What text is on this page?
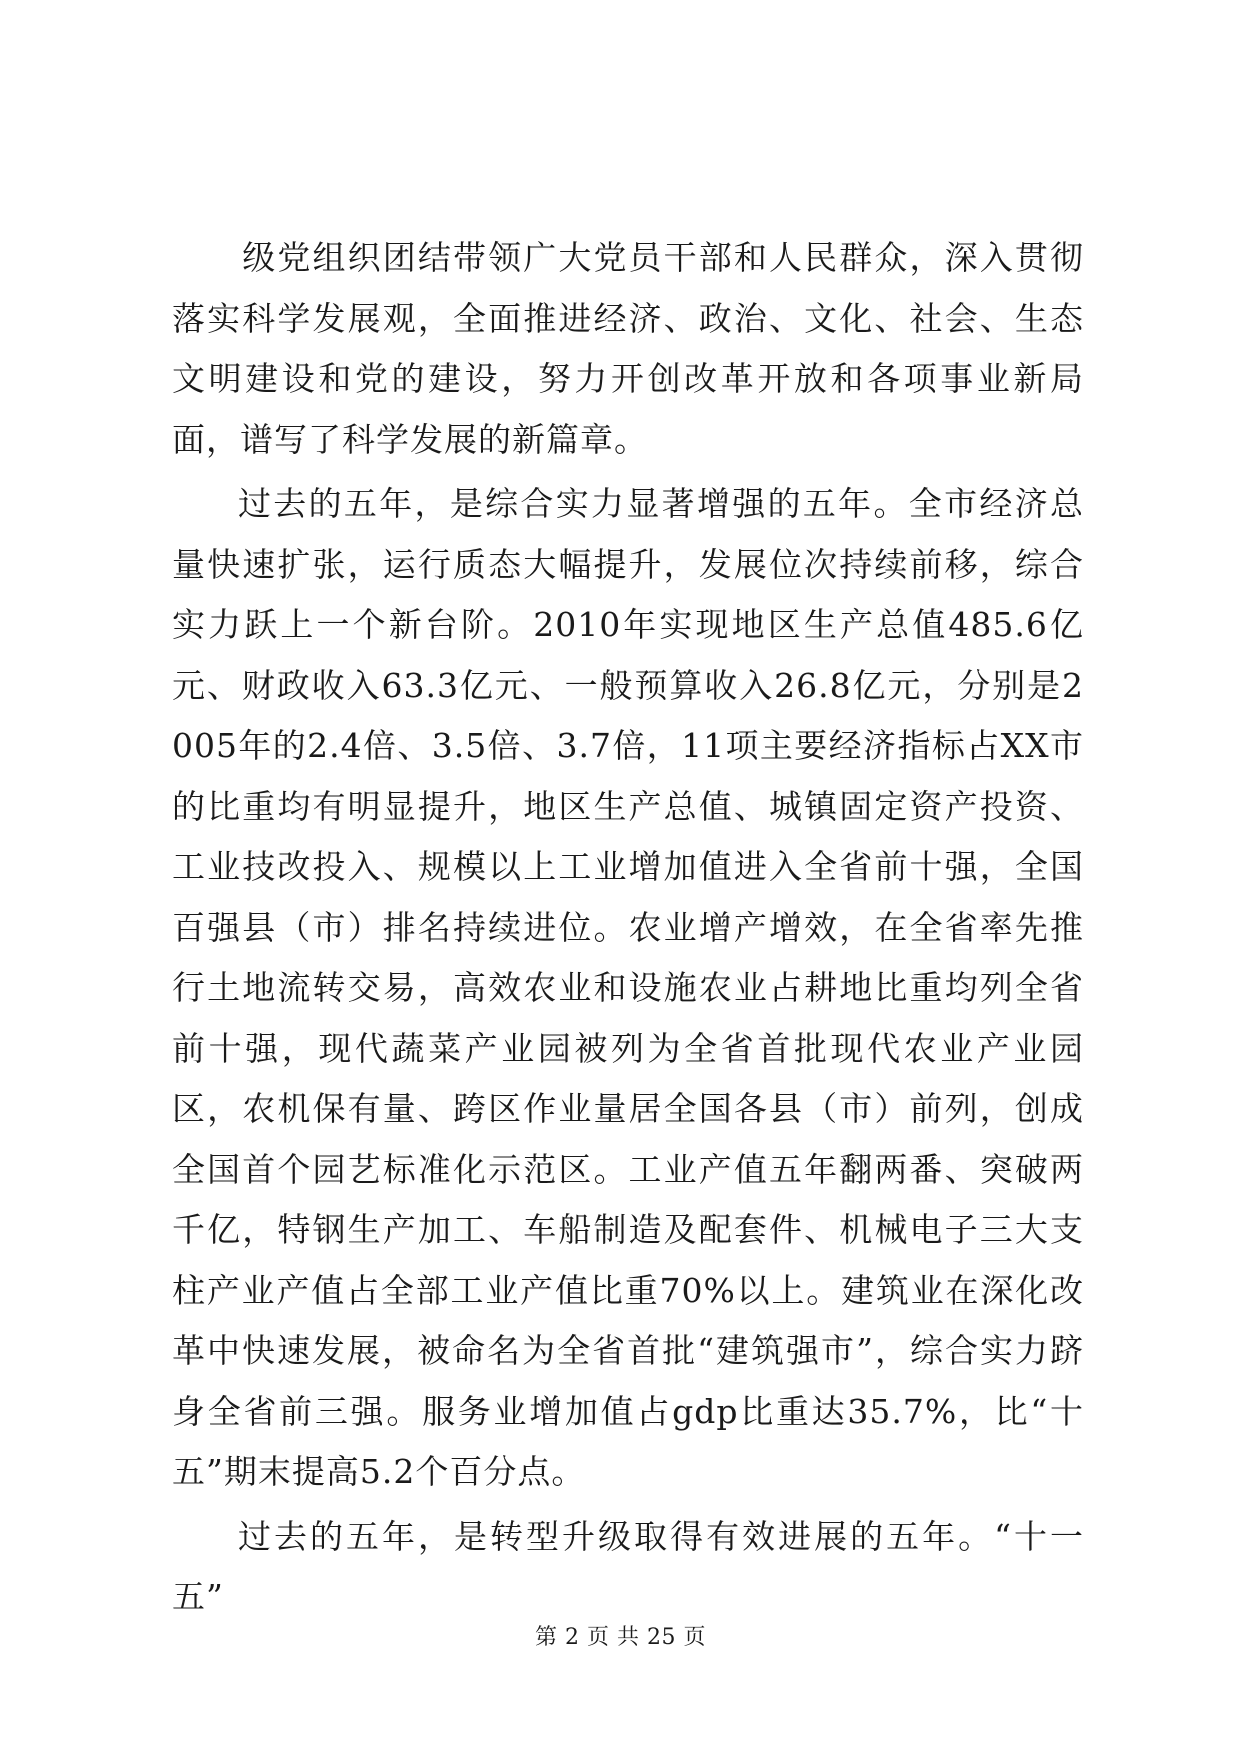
　　级党组织团结带领广大党员干部和人民群众，深入贯彻落实科学发展观，全面推进经济、政治、文化、社会、生态文明建设和党的建设，努力开创改革开放和各项事业新局面，谱写了科学发展的新篇章。

过去的五年，是综合实力显著增强的五年。全市经济总量快速扩张，运行质态大幅提升，发展位次持续前移，综合实力跃上一个新台阶。2010年实现地区生产总值485.6亿元、财政收入63.3亿元、一般预算收入26.8亿元，分别是2005年的2.4倍、3.5倍、3.7倍，11项主要经济指标占XX市的比重均有明显提升，地区生产总值、城镇固定资产投资、工业技改投入、规模以上工业增加值进入全省前十强，全国百强县（市）排名持续进位。农业增产增效，在全省率先推行土地流转交易，高效农业和设施农业占耕地比重均列全省前十强，现代蔬菜产业园被列为全省首批现代农业产业园区，农机保有量、跨区作业量居全国各县（市）前列，创成全国首个园艺标准化示范区。工业产值五年翻两番、突破两千亿，特钢生产加工、车船制造及配套件、机械电子三大支柱产业产值占全部工业产值比重70%以上。建筑业在深化改革中快速发展，被命名为全省首批“建筑强市”，综合实力跻身全省前三强。服务业增加值占gdp比重达35.7%，比“十五”期末提高5.2个百分点。

过去的五年，是转型升级取得有效进展的五年。“十一五”

第 2 页 共 25 页
